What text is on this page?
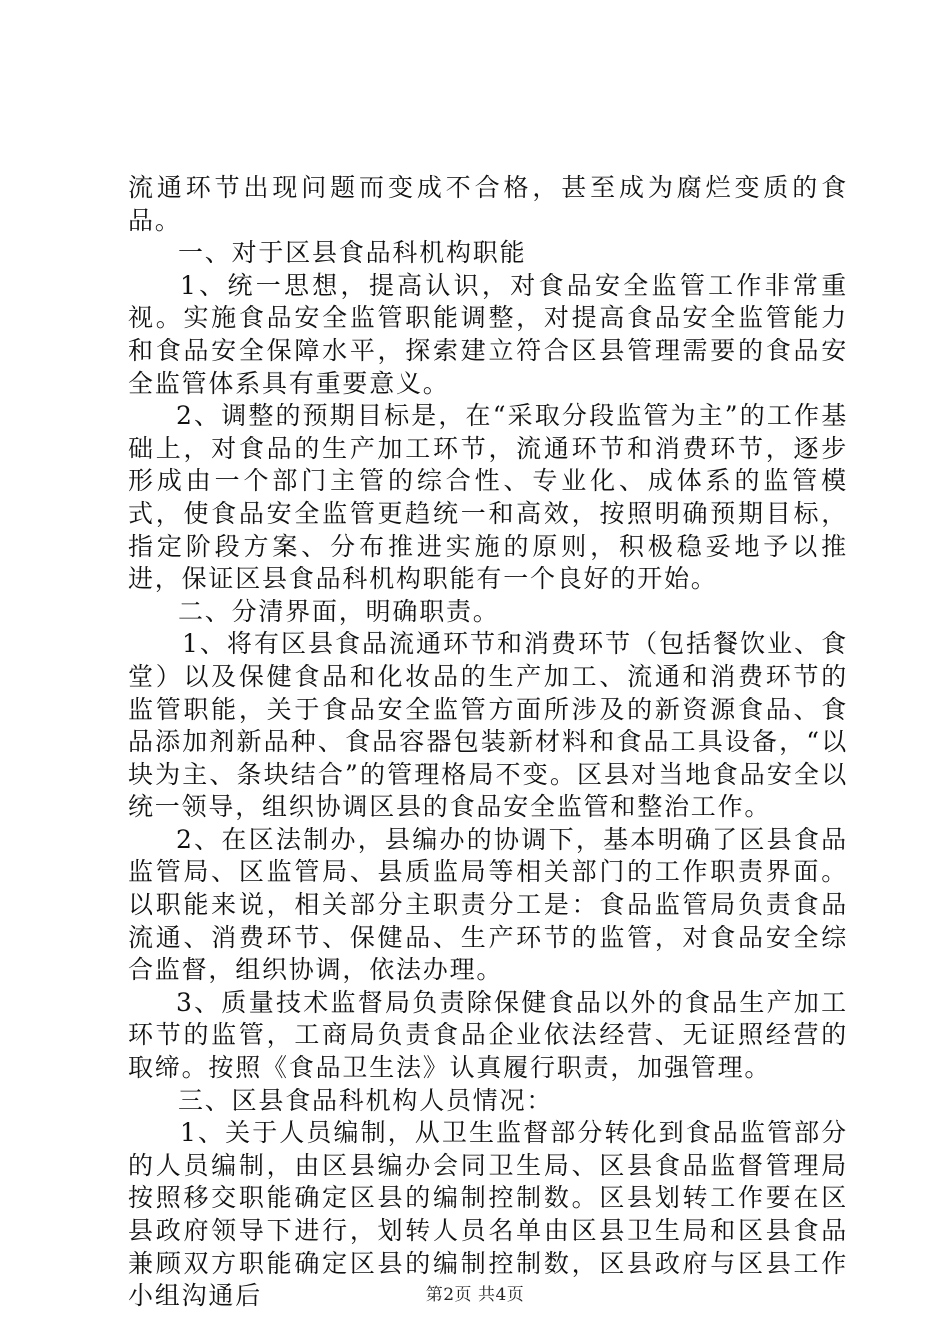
流通环节出现问题而变成不合格，甚至成为腐烂变质的食品。

一、对于区县食品科机构职能

1、统一思想，提高认识，对食品安全监管工作非常重视。实施食品安全监管职能调整，对提高食品安全监管能力和食品安全保障水平，探索建立符合区县管理需要的食品安全监管体系具有重要意义。

2、调整的预期目标是，在“采取分段监管为主”的工作基础上，对食品的生产加工环节，流通环节和消费环节，逐步形成由一个部门主管的综合性、专业化、成体系的监管模式，使食品安全监管更趋统一和高效，按照明确预期目标，指定阶段方案、分布推进实施的原则，积极稳妥地予以推进，保证区县食品科机构职能有一个良好的开始。

二、分清界面，明确职责。

1、将有区县食品流通环节和消费环节（包括餐饮业、食堂）以及保健食品和化妆品的生产加工、流通和消费环节的监管职能，关于食品安全监管方面所涉及的新资源食品、食品添加剂新品种、食品容器包装新材料和食品工具设备，“以块为主、条块结合”的管理格局不变。区县对当地食品安全以统一领导，组织协调区县的食品安全监管和整治工作。

2、在区法制办，县编办的协调下，基本明确了区县食品监管局、区监管局、县质监局等相关部门的工作职责界面。以职能来说，相关部分主职责分工是：食品监管局负责食品流通、消费环节、保健品、生产环节的监管，对食品安全综合监督，组织协调，依法办理。

3、质量技术监督局负责除保健食品以外的食品生产加工环节的监管，工商局负责食品企业依法经营、无证照经营的取缔。按照《食品卫生法》认真履行职责，加强管理。

三、区县食品科机构人员情况：

1、关于人员编制，从卫生监督部分转化到食品监管部分的人员编制，由区县编办会同卫生局、区县食品监督管理局按照移交职能确定区县的编制控制数。区县划转工作要在区县政府领导下进行，划转人员名单由区县卫生局和区县食品兼顾双方职能确定区县的编制控制数，区县政府与区县工作小组沟通后	第2页 共4页
